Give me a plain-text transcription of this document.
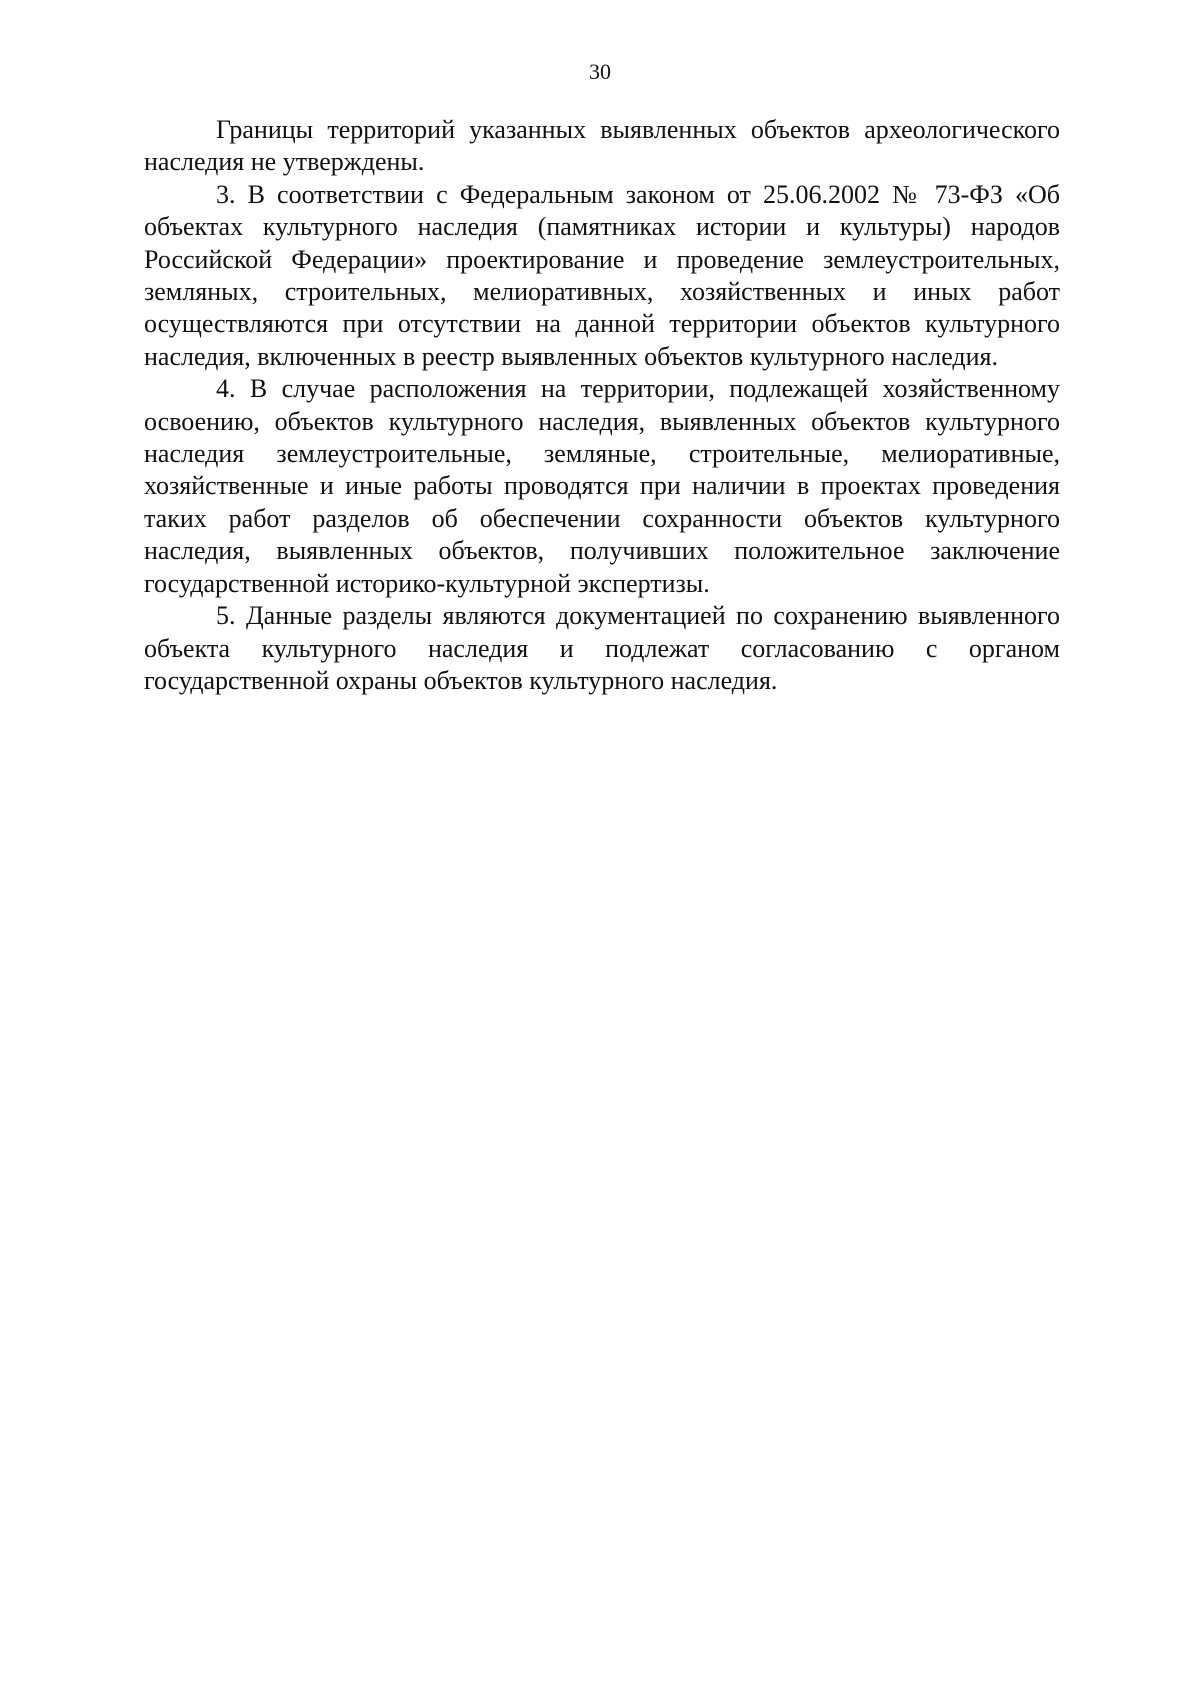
30

Границы территорий указанных выявленных объектов археологического наследия не утверждены.

3. В соответствии с Федеральным законом от 25.06.2002 № 73-ФЗ «Об объектах культурного наследия (памятниках истории и культуры) народов Российской Федерации» проектирование и проведение землеустроительных, земляных, строительных, мелиоративных, хозяйственных и иных работ осуществляются при отсутствии на данной территории объектов культурного наследия, включенных в реестр выявленных объектов культурного наследия.

4. В случае расположения на территории, подлежащей хозяйственному освоению, объектов культурного наследия, выявленных объектов культурного наследия землеустроительные, земляные, строительные, мелиоративные, хозяйственные и иные работы проводятся при наличии в проектах проведения таких работ разделов об обеспечении сохранности объектов культурного наследия, выявленных объектов, получивших положительное заключение государственной историко-культурной экспертизы.

5. Данные разделы являются документацией по сохранению выявленного объекта культурного наследия и подлежат согласованию с органом государственной охраны объектов культурного наследия.
